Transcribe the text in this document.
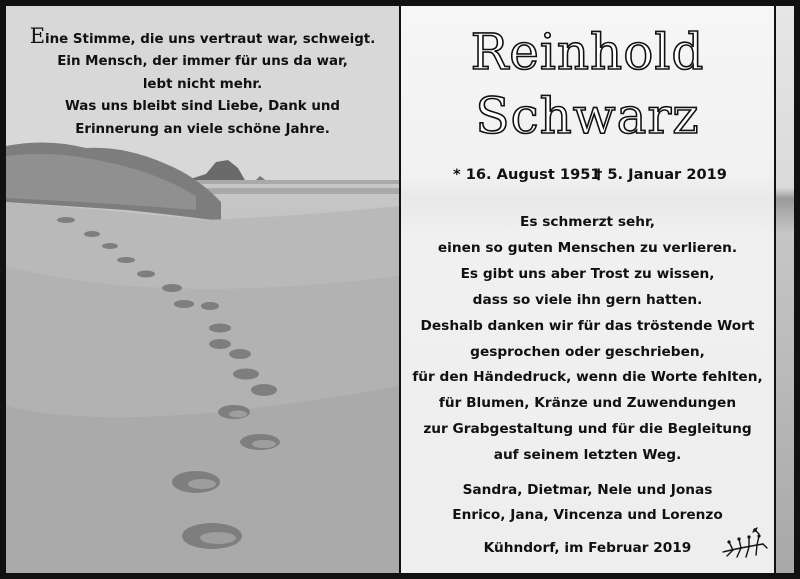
Eine Stimme, die uns vertraut war, schweigt.
Ein Mensch, der immer für uns da war,
lebt nicht mehr.
Was uns bleibt sind Liebe, Dank und
Erinnerung an viele schöne Jahre.
Reinhold
Schwarz
* 16. August 1951
† 5. Januar 2019
Es schmerzt sehr,
einen so guten Menschen zu verlieren.
Es gibt uns aber Trost zu wissen,
dass so viele ihn gern hatten.
Deshalb danken wir für das tröstende Wort
gesprochen oder geschrieben,
für den Händedruck, wenn die Worte fehlten,
für Blumen, Kränze und Zuwendungen
zur Grabgestaltung und für die Begleitung
auf seinem letzten Weg.
Sandra, Dietmar, Nele und Jonas
Enrico, Jana, Vincenza und Lorenzo
Kühndorf, im Februar 2019
